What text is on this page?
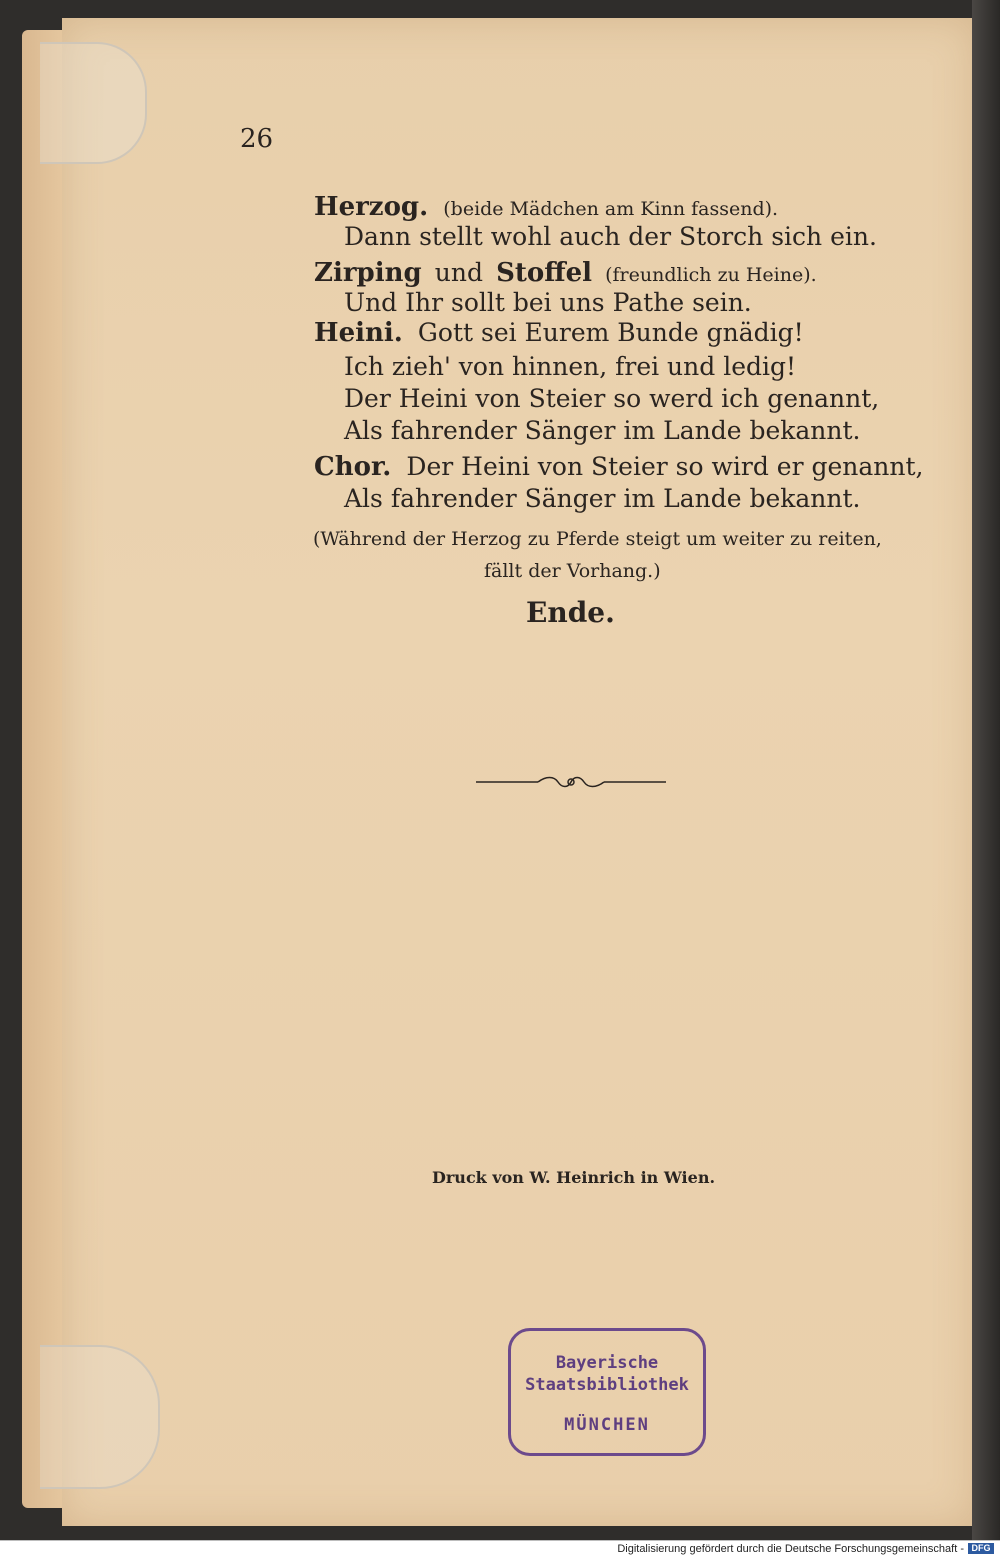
26
Herzog. (beide Mädchen am Kinn fassend).
Dann stellt wohl auch der Storch sich ein.
Zirping und Stoffel (freundlich zu Heine).
Und Ihr sollt bei uns Pathe sein.
Heini. Gott sei Eurem Bunde gnädig!
Ich zieh' von hinnen, frei und ledig!
Der Heini von Steier so werd ich genannt,
Als fahrender Sänger im Lande bekannt.
Chor. Der Heini von Steier so wird er genannt,
Als fahrender Sänger im Lande bekannt.
(Während der Herzog zu Pferde steigt um weiter zu reiten,
fällt der Vorhang.)
Ende.
Druck von W. Heinrich in Wien.
Bayerische
Staatsbibliothek
MÜNCHEN
Digitalisierung gefördert durch die Deutsche Forschungsgemeinschaft - DFG
